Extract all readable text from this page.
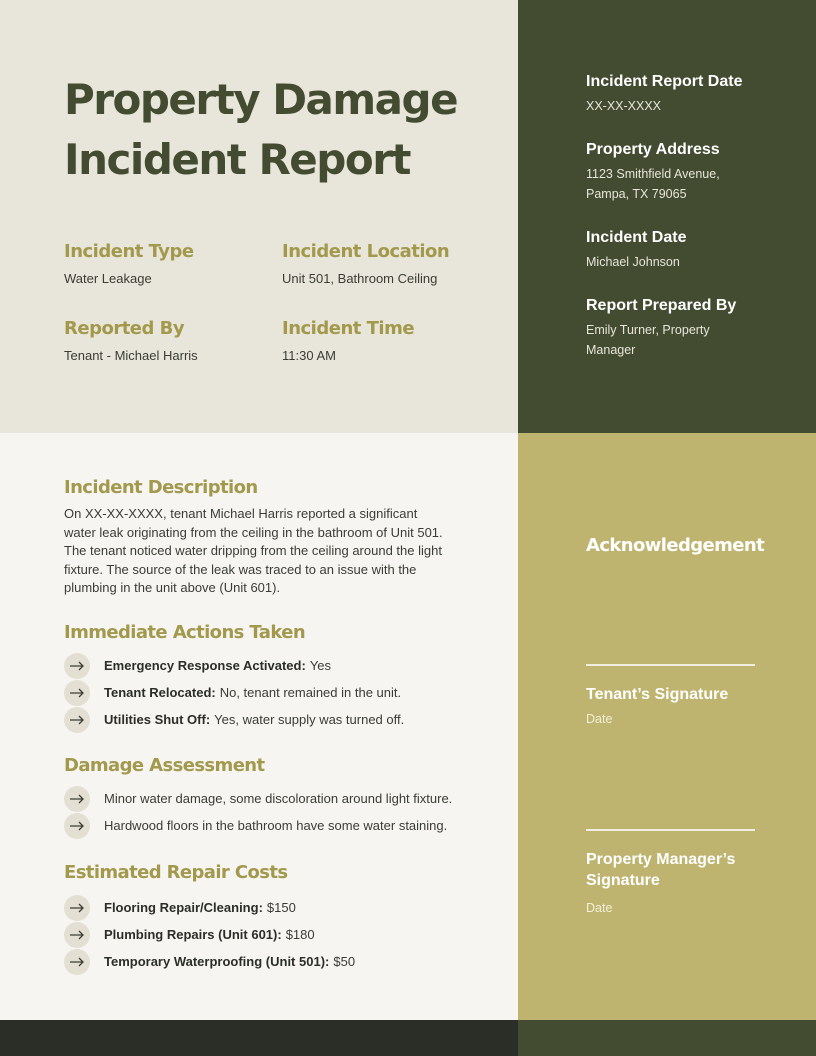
Property Damage Incident Report
Incident Type
Water Leakage
Incident Location
Unit 501, Bathroom Ceiling
Reported By
Tenant - Michael Harris
Incident Time
11:30 AM
Incident Report Date
XX-XX-XXXX
Property Address
1123 Smithfield Avenue,
Pampa, TX 79065
Incident Date
Michael Johnson
Report Prepared By
Emily Turner, Property
Manager
Incident Description

On XX-XX-XXXX, tenant Michael Harris reported a significant water leak originating from the ceiling in the bathroom of Unit 501. The tenant noticed water dripping from the ceiling around the light fixture. The source of the leak was traced to an issue with the plumbing in the unit above (Unit 601).

Immediate Actions Taken
Emergency Response Activated: Yes
Tenant Relocated: No, tenant remained in the unit.
Utilities Shut Off: Yes, water supply was turned off.
Damage Assessment
Minor water damage, some discoloration around light fixture.
Hardwood floors in the bathroom have some water staining.
Estimated Repair Costs
Flooring Repair/Cleaning: $150
Plumbing Repairs (Unit 601): $180
Temporary Waterproofing (Unit 501): $50
Acknowledgement
Tenant’s Signature
Date
Property Manager’s Signature
Date
